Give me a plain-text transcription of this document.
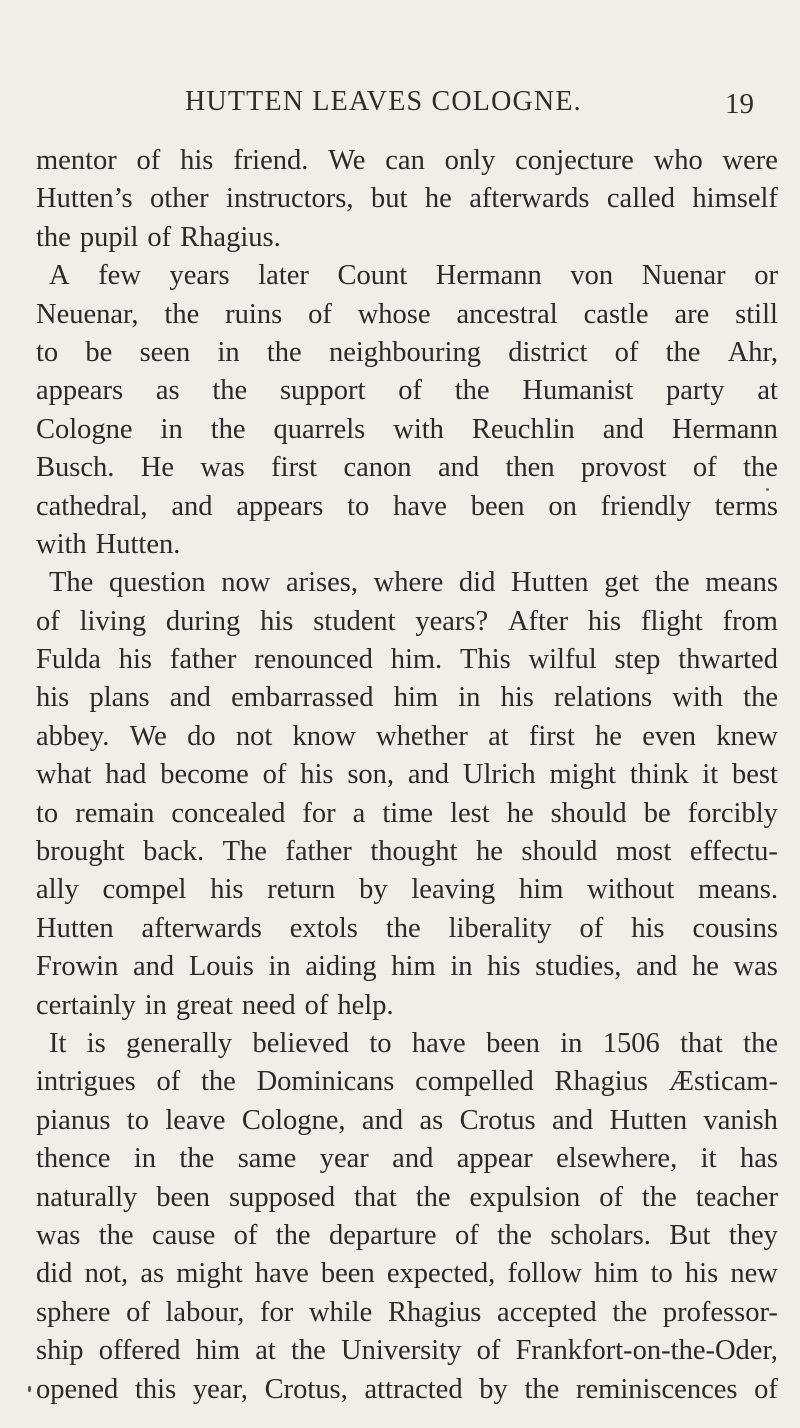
HUTTEN LEAVES COLOGNE.	19
mentor of his friend. We can only conjecture who were
Hutten’s other instructors, but he afterwards called himself
the pupil of Rhagius.
A few years later Count Hermann von Nuenar or
Neuenar, the ruins of whose ancestral castle are still
to be seen in the neighbouring district of the Ahr,
appears as the support of the Humanist party at
Cologne in the quarrels with Reuchlin and Hermann
Busch. He was first canon and then provost of the
cathedral, and appears to have been on friendly terms
with Hutten.
The question now arises, where did Hutten get the means
of living during his student years? After his flight from
Fulda his father renounced him. This wilful step thwarted
his plans and embarrassed him in his relations with the
abbey. We do not know whether at first he even knew
what had become of his son, and Ulrich might think it best
to remain concealed for a time lest he should be forcibly
brought back. The father thought he should most effectu-
ally compel his return by leaving him without means.
Hutten afterwards extols the liberality of his cousins
Frowin and Louis in aiding him in his studies, and he was
certainly in great need of help.
It is generally believed to have been in 1506 that the
intrigues of the Dominicans compelled Rhagius Æsticam-
pianus to leave Cologne, and as Crotus and Hutten vanish
thence in the same year and appear elsewhere, it has
naturally been supposed that the expulsion of the teacher
was the cause of the departure of the scholars. But they
did not, as might have been expected, follow him to his new
sphere of labour, for while Rhagius accepted the professor-
ship offered him at the University of Frankfort-on-the-Oder,
opened this year, Crotus, attracted by the reminiscences of
